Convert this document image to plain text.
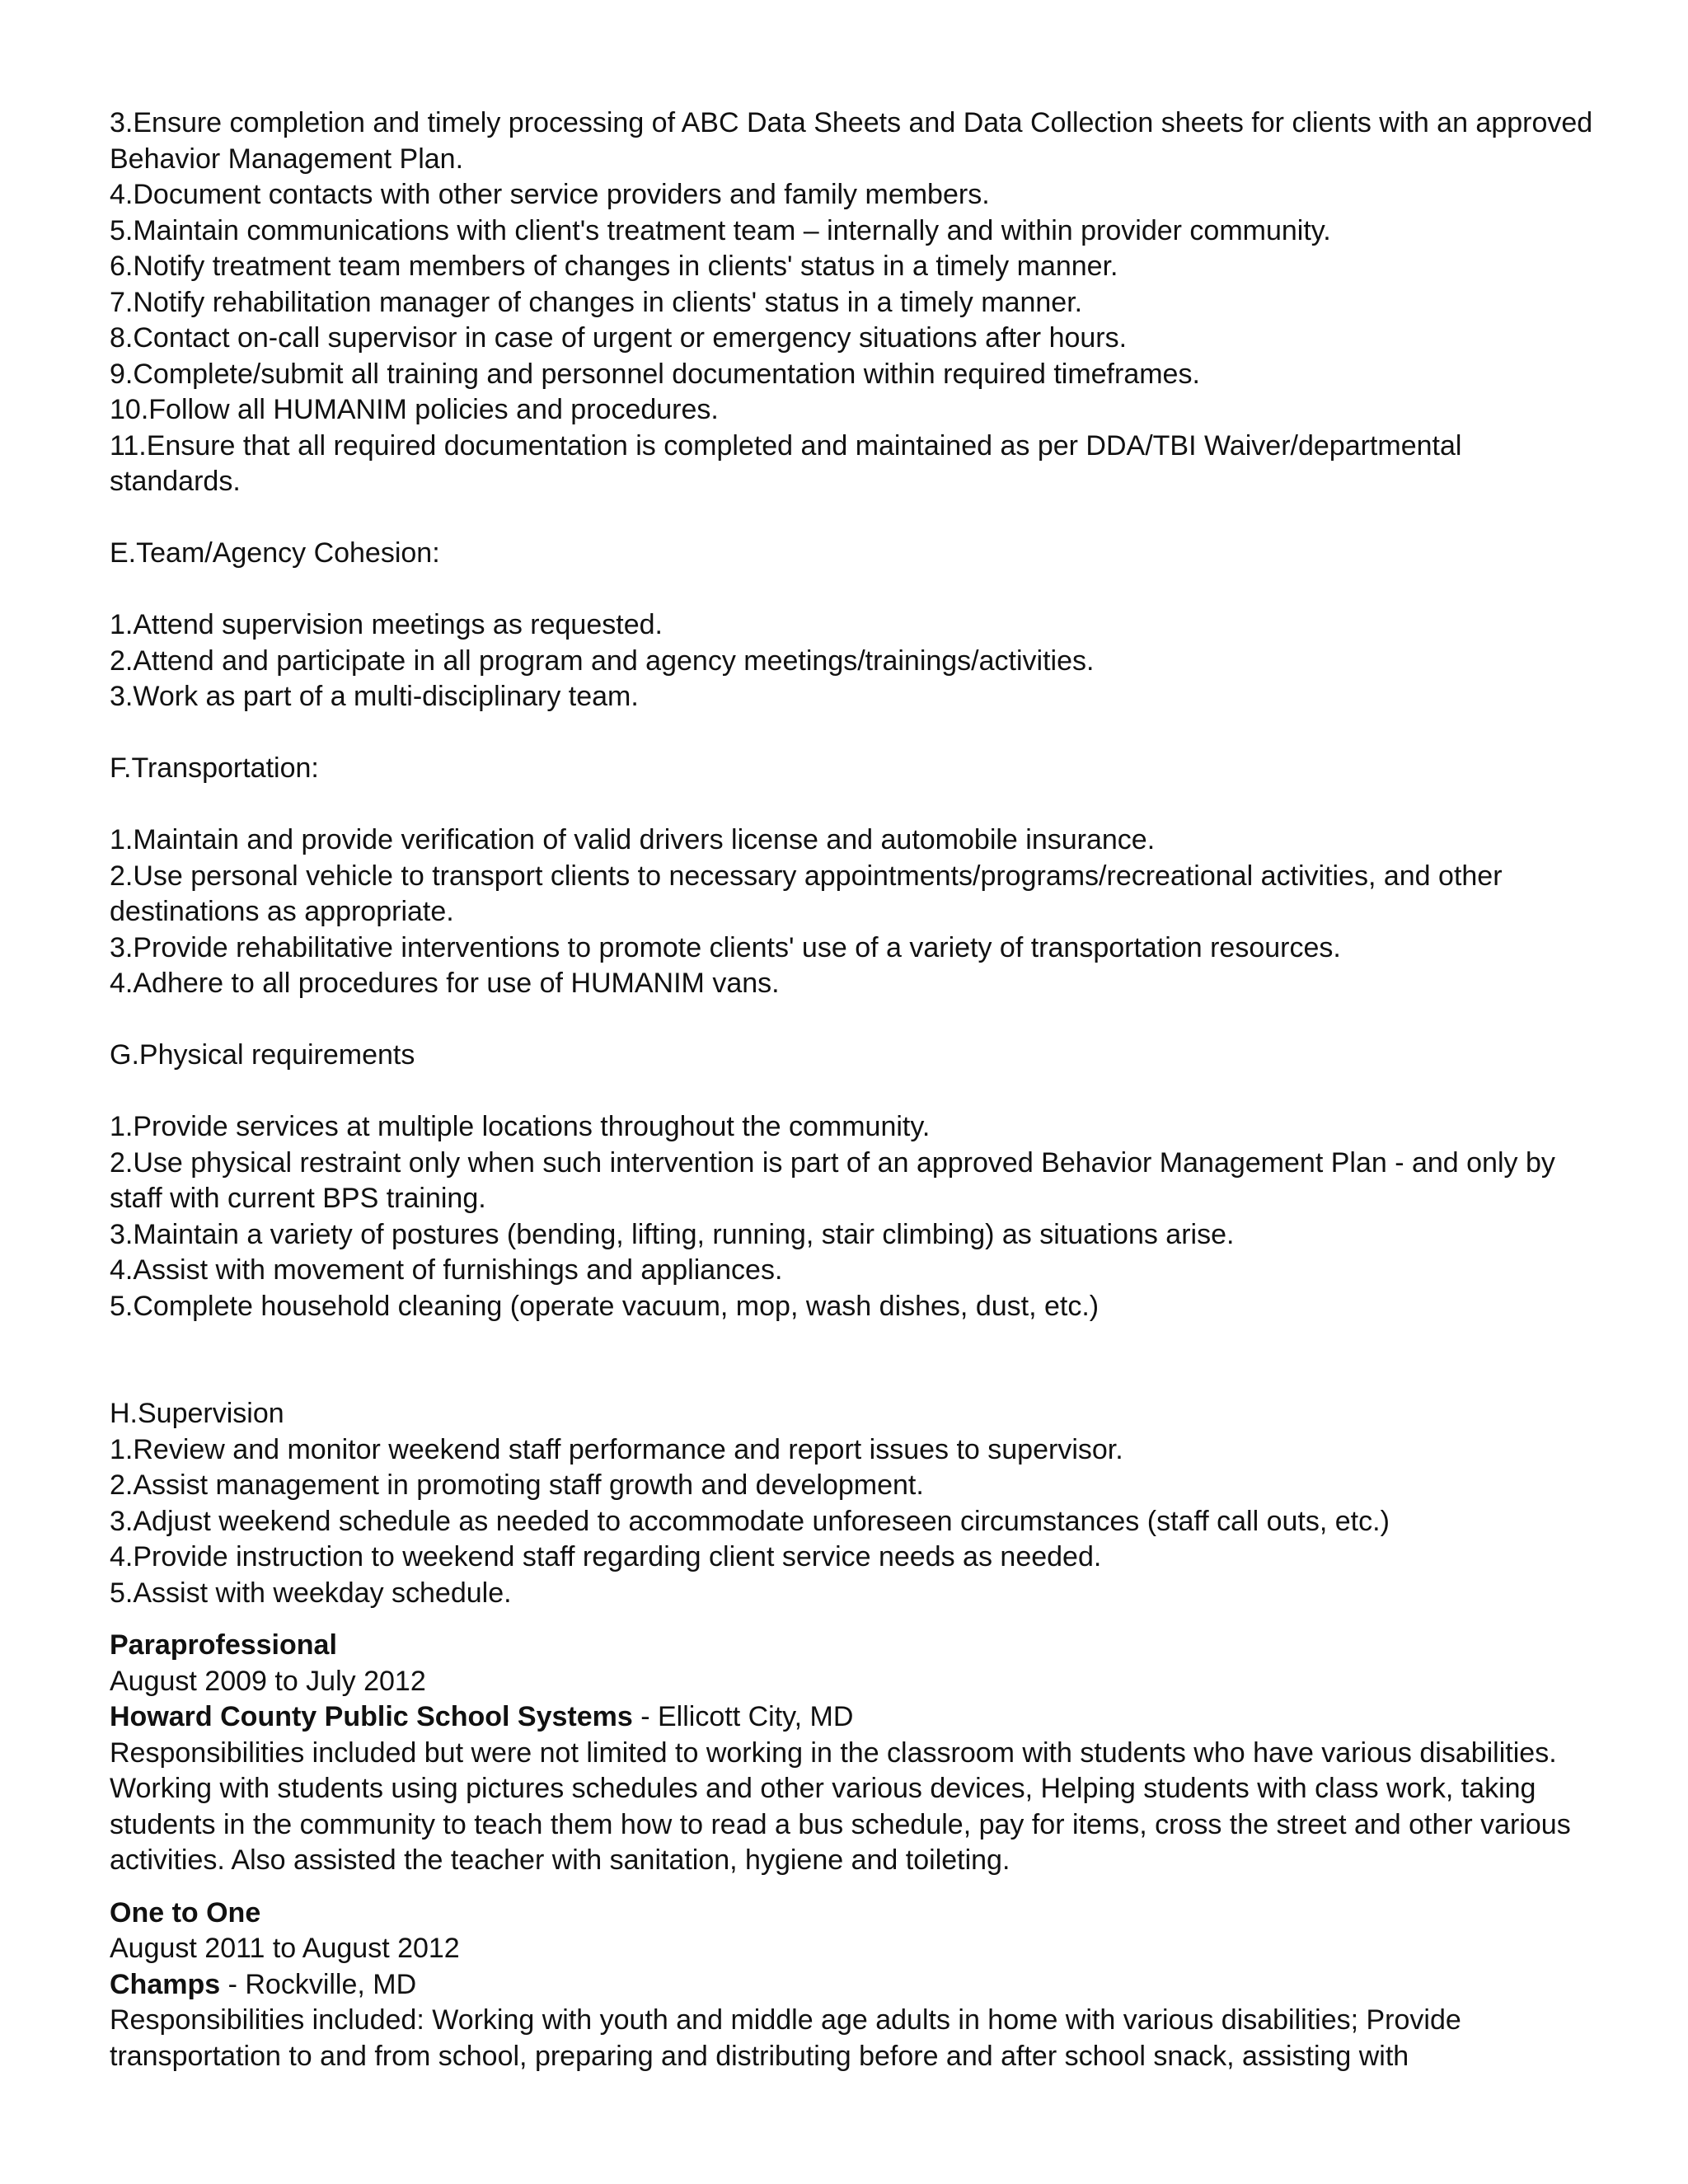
3.Ensure completion and timely processing of ABC Data Sheets and Data Collection sheets for clients with an approved Behavior Management Plan.
4.Document contacts with other service providers and family members.
5.Maintain communications with client's treatment team – internally and within provider community.
6.Notify treatment team members of changes in clients' status in a timely manner.
7.Notify rehabilitation manager of changes in clients' status in a timely manner.
8.Contact on-call supervisor in case of urgent or emergency situations after hours.
9.Complete/submit all training and personnel documentation within required timeframes.
10.Follow all HUMANIM policies and procedures.
11.Ensure that all required documentation is completed and maintained as per DDA/TBI Waiver/departmental standards.
E.Team/Agency Cohesion:
1.Attend supervision meetings as requested.
2.Attend and participate in all program and agency meetings/trainings/activities.
3.Work as part of a multi-disciplinary team.
F.Transportation:
1.Maintain and provide verification of valid drivers license and automobile insurance.
2.Use personal vehicle to transport clients to necessary appointments/programs/recreational activities, and other destinations as appropriate.
3.Provide rehabilitative interventions to promote clients' use of a variety of transportation resources.
4.Adhere to all procedures for use of HUMANIM vans.
G.Physical requirements
1.Provide services at multiple locations throughout the community.
2.Use physical restraint only when such intervention is part of an approved Behavior Management Plan - and only by staff with current BPS training.
3.Maintain a variety of postures (bending, lifting, running, stair climbing) as situations arise.
4.Assist with movement of furnishings and appliances.
5.Complete household cleaning (operate vacuum, mop, wash dishes, dust, etc.)
H.Supervision
1.Review and monitor weekend staff performance and report issues to supervisor.
2.Assist management in promoting staff growth and development.
3.Adjust weekend schedule as needed to accommodate unforeseen circumstances (staff call outs, etc.)
4.Provide instruction to weekend staff regarding client service needs as needed.
5.Assist with weekday schedule.
Paraprofessional
August 2009 to July 2012
Howard County Public School Systems - Ellicott City, MD
Responsibilities included but were not limited to working in the classroom with students who have various disabilities. Working with students using pictures schedules and other various devices, Helping students with class work, taking students in the community to teach them how to read a bus schedule, pay for items, cross the street and other various activities. Also assisted the teacher with sanitation, hygiene and toileting.
One to One
August 2011 to August 2012
Champs - Rockville, MD
Responsibilities included: Working with youth and middle age adults in home with various disabilities; Provide transportation to and from school, preparing and distributing before and after school snack, assisting with
